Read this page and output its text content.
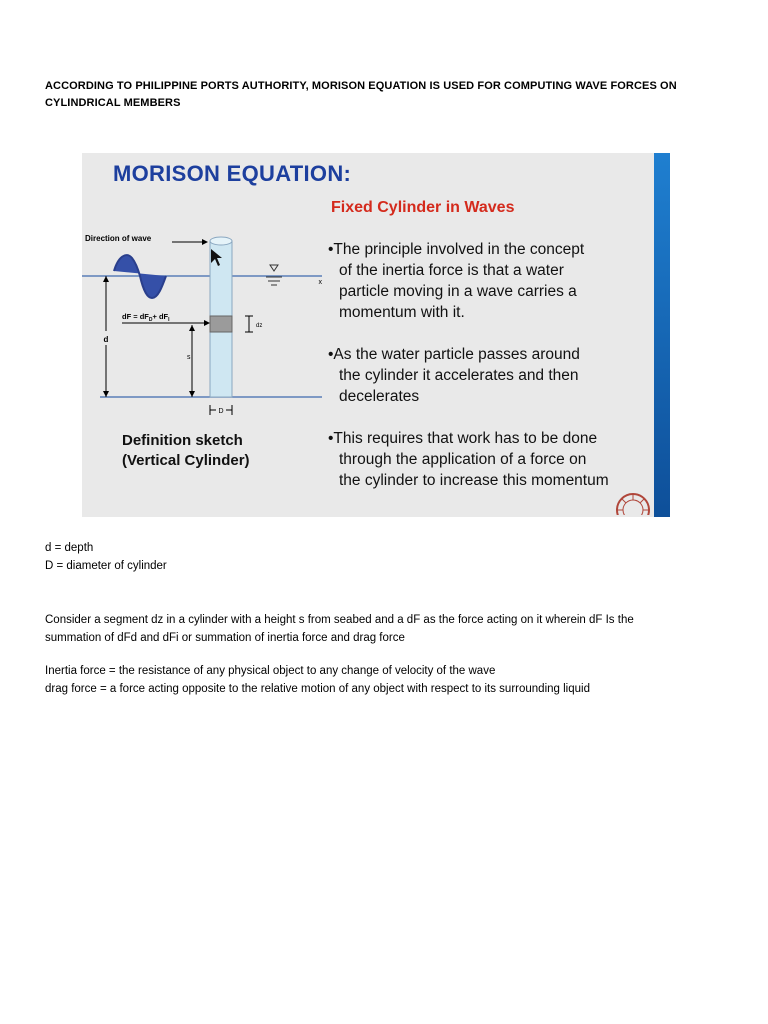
ACCORDING TO PHILIPPINE PORTS AUTHORITY, MORISON EQUATION IS USED FOR COMPUTING WAVE FORCES ON
CYLINDRICAL MEMBERS
MORISON EQUATION:
Fixed Cylinder in Waves
Direction of wave
x
dF = $dF_D+ dF_I$
d
s
dz
D
•The principle involved in the concept
of the inertia force is that a water
particle moving in a wave carries a
momentum with it.
•As the water particle passes around
the cylinder it accelerates and then
decelerates
•This requires that work has to be done
through the application of a force on
the cylinder to increase this momentum
Definition sketch
(Vertical Cylinder)
d = depth
D = diameter of cylinder
Consider a segment dz in a cylinder with a height s from seabed and a dF as the force acting on it wherein dF Is the
summation of dFd and dFi or summation of inertia force and drag force
Inertia force = the resistance of any physical object to any change of velocity of the wave
drag force = a force acting opposite to the relative motion of any object with respect to its surrounding liquid
